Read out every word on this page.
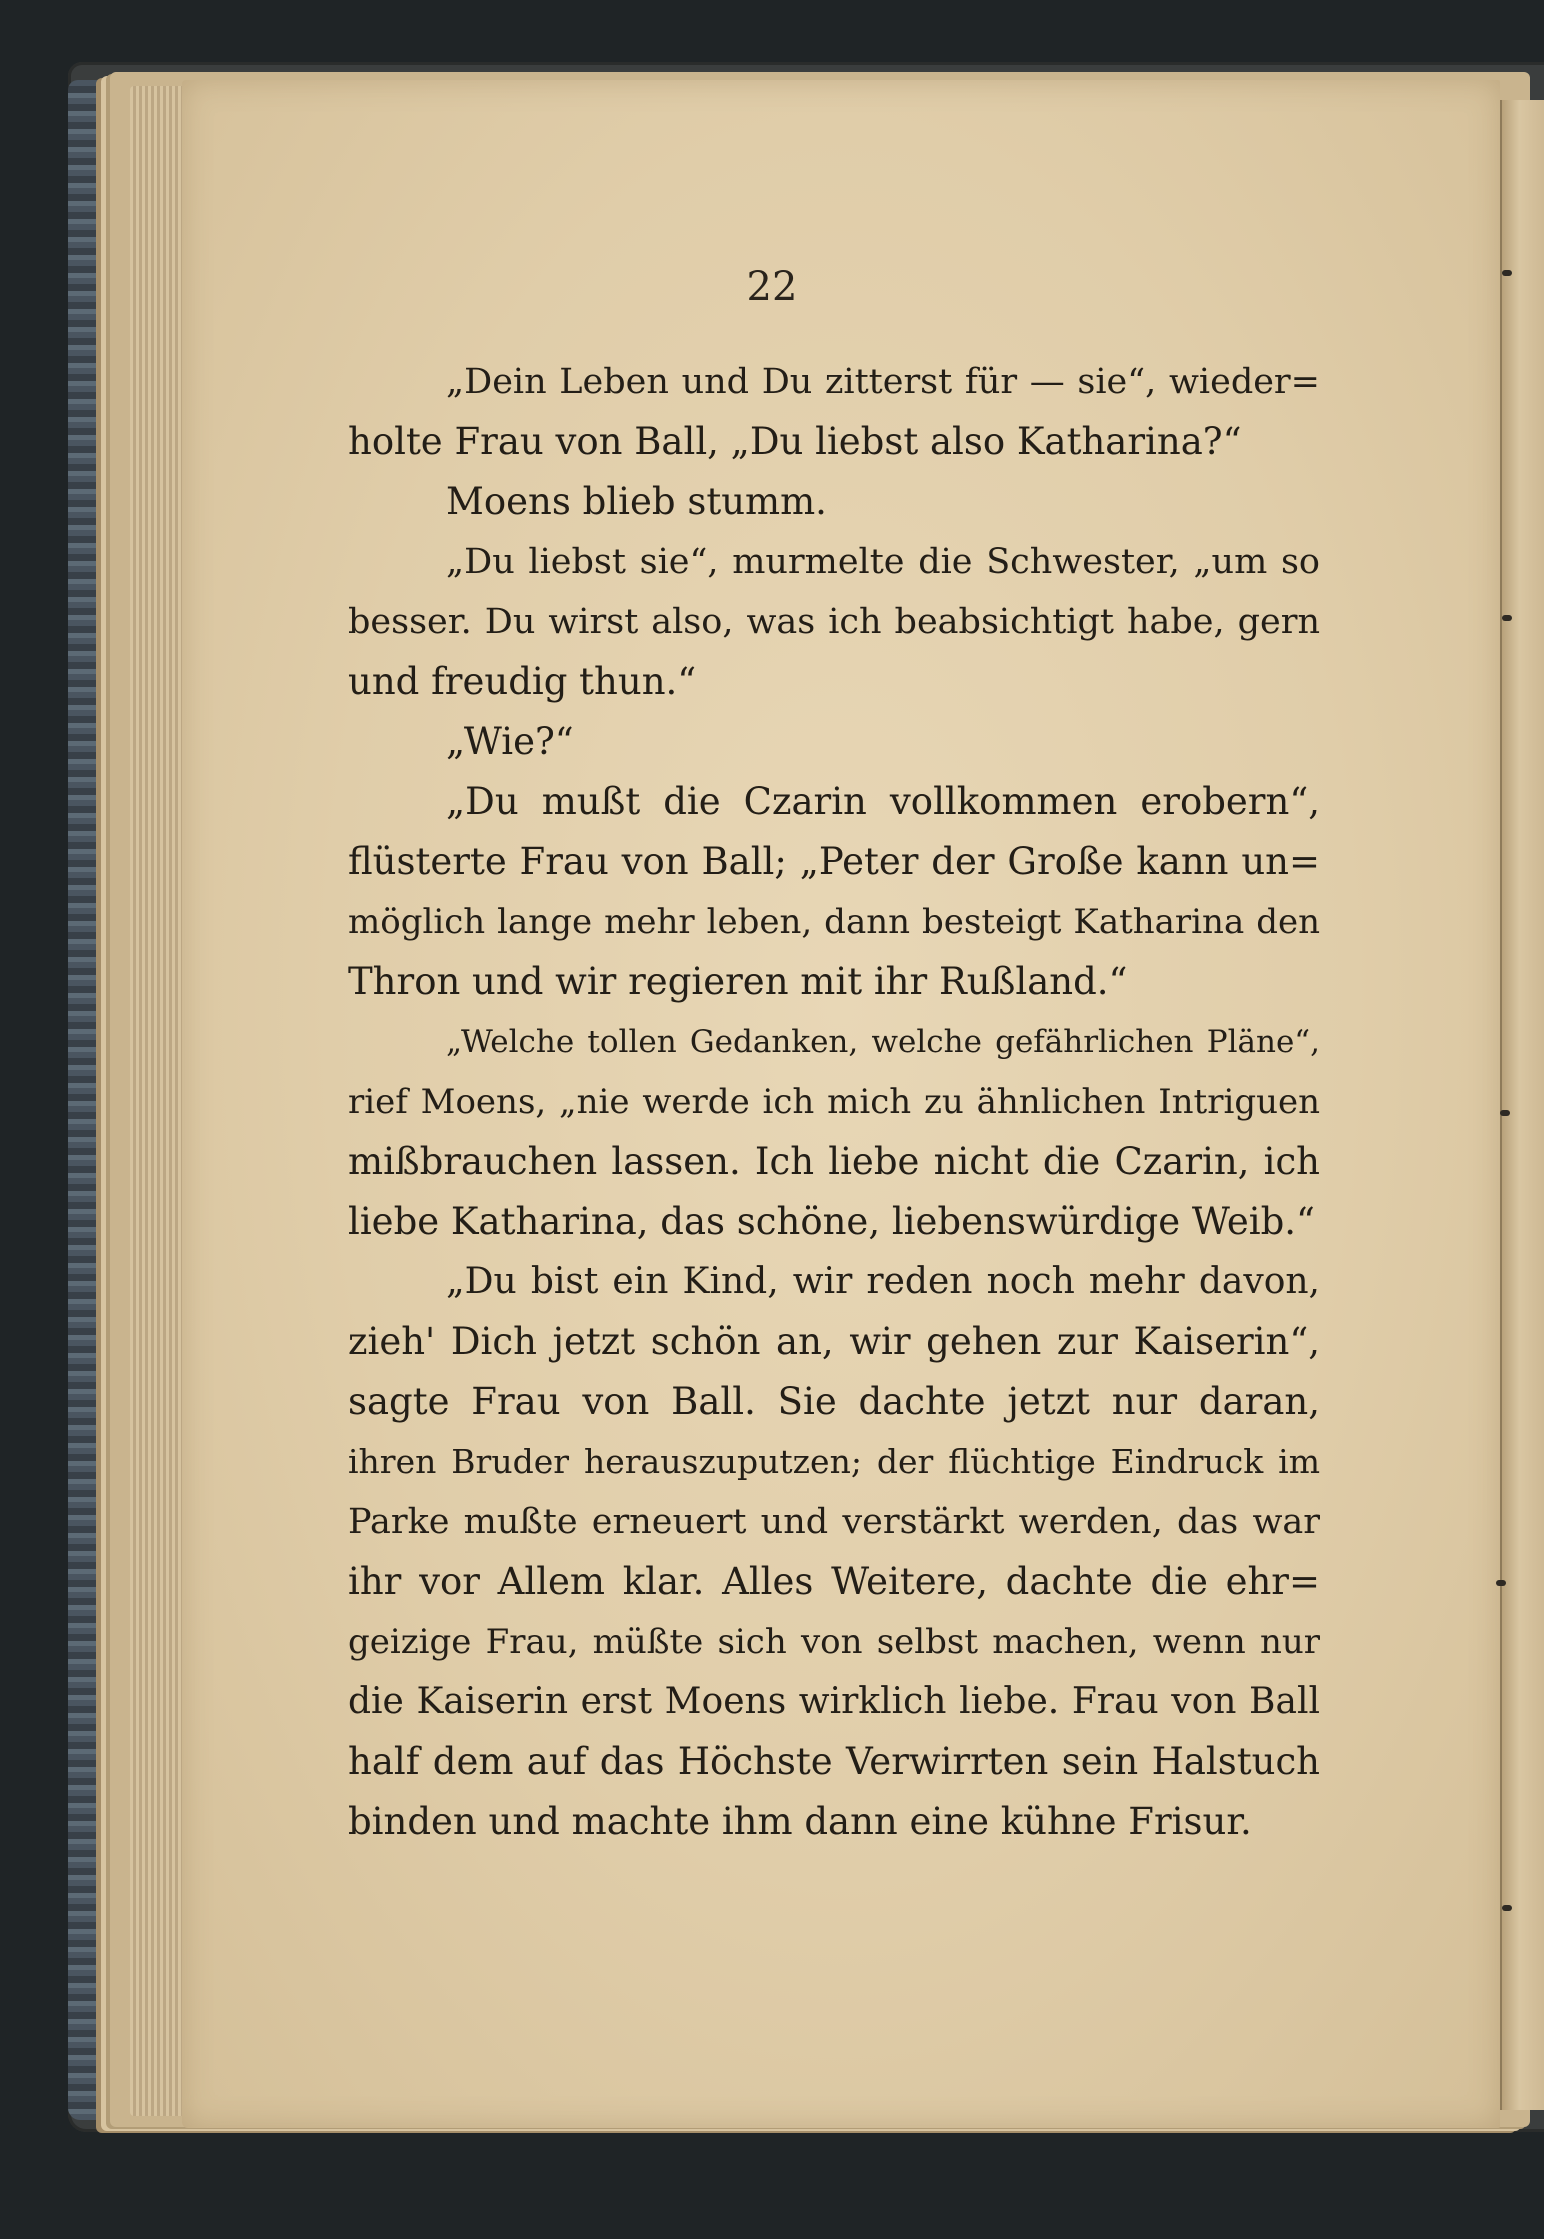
22
„Dein Leben und Du zitterst für — sie“, wieder=
holte Frau von Ball, „Du liebst also Katharina?“
Moens blieb stumm.
„Du liebst sie“, murmelte die Schwester, „um so
besser. Du wirst also, was ich beabsichtigt habe, gern
und freudig thun.“
„Wie?“
„Du mußt die Czarin vollkommen erobern“,
flüsterte Frau von Ball; „Peter der Große kann un=
möglich lange mehr leben, dann besteigt Katharina den
Thron und wir regieren mit ihr Rußland.“
„Welche tollen Gedanken, welche gefährlichen Pläne“,
rief Moens, „nie werde ich mich zu ähnlichen Intriguen
mißbrauchen lassen. Ich liebe nicht die Czarin, ich
liebe Katharina, das schöne, liebenswürdige Weib.“
„Du bist ein Kind, wir reden noch mehr davon,
zieh' Dich jetzt schön an, wir gehen zur Kaiserin“,
sagte Frau von Ball. Sie dachte jetzt nur daran,
ihren Bruder herauszuputzen; der flüchtige Eindruck im
Parke mußte erneuert und verstärkt werden, das war
ihr vor Allem klar. Alles Weitere, dachte die ehr=
geizige Frau, müßte sich von selbst machen, wenn nur
die Kaiserin erst Moens wirklich liebe. Frau von Ball
half dem auf das Höchste Verwirrten sein Halstuch
binden und machte ihm dann eine kühne Frisur.
